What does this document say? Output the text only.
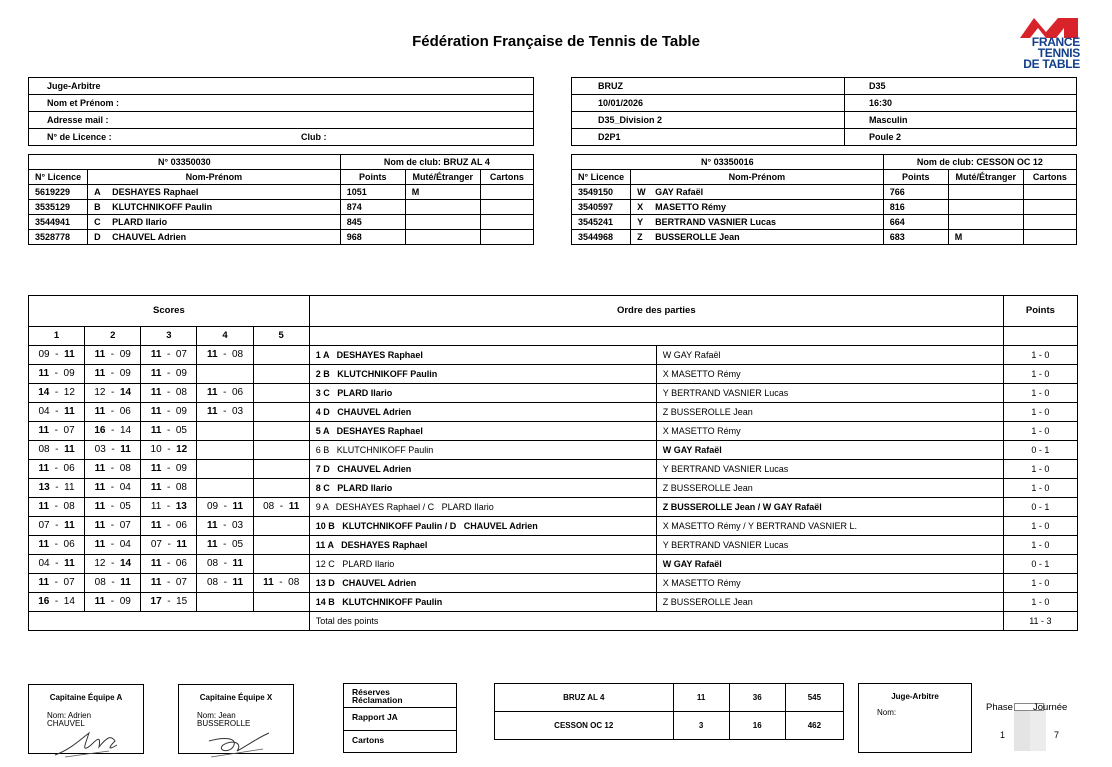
Fédération Française de Tennis de Table	FRANCE
TENNIS
DE TABLE
Juge-Arbitre
Nom et Prénom :
Adresse mail :
N° de Licence :	Club :
BRUZ	D35
10/01/2026	16:30
D35_Division 2	Masculin
D2P1	Poule 2
N° 03350030		Nom de club: BRUZ AL 4		
N° Licence	Nom-Prénom	Points	Muté/Étranger	Cartons
5619229	A DESHAYES Raphael	1051	M	
3535129	B KLUTCHNIKOFF Paulin	874		
3544941	C PLARD Ilario	845		
3528778	D CHAUVEL Adrien	968		
N° 03350016		Nom de club: CESSON OC 12		
N° Licence	Nom-Prénom	Points	Muté/Étranger	Cartons
3549150	W GAY Rafaël	766		
3540597	X MASETTO Rémy	816		
3545241	Y BERTRAND VASNIER Lucas	664		
3544968	Z BUSSEROLLE Jean	683	M	
Scores					Ordre des parties		Points
1	2	3	4	5			
09  -  11	11  -  09	11  -  07	11  -  08		1 A   DESHAYES Raphael	W GAY Rafaël	1 - 0
11  -  09	11  -  09	11  -  09			2 B   KLUTCHNIKOFF Paulin	X MASETTO Rémy	1 - 0
14  -  12	12  -  14	11  -  08	11  -  06		3 C   PLARD Ilario	Y BERTRAND VASNIER Lucas	1 - 0
04  -  11	11  -  06	11  -  09	11  -  03		4 D   CHAUVEL Adrien	Z BUSSEROLLE Jean	1 - 0
11  -  07	16  -  14	11  -  05			5 A   DESHAYES Raphael	X MASETTO Rémy	1 - 0
08  -  11	03  -  11	10  -  12			6 B   KLUTCHNIKOFF Paulin	W GAY Rafaël	0 - 1
11  -  06	11  -  08	11  -  09			7 D   CHAUVEL Adrien	Y BERTRAND VASNIER Lucas	1 - 0
13  -  11	11  -  04	11  -  08			8 C   PLARD Ilario	Z BUSSEROLLE Jean	1 - 0
11  -  08	11  -  05	11  -  13	09  -  11	08  -  11	9 A   DESHAYES Raphael / C   PLARD Ilario	Z BUSSEROLLE Jean / W GAY Rafaël	0 - 1
07  -  11	11  -  07	11  -  06	11  -  03		10 B   KLUTCHNIKOFF Paulin / D   CHAUVEL Adrien	X MASETTO Rémy / Y BERTRAND VASNIER L.	1 - 0
11  -  06	11  -  04	07  -  11	11  -  05		11 A   DESHAYES Raphael	Y BERTRAND VASNIER Lucas	1 - 0
04  -  11	12  -  14	11  -  06	08  -  11		12 C   PLARD Ilario	W GAY Rafaël	0 - 1
11  -  07	08  -  11	11  -  07	08  -  11	11  -  08	13 D   CHAUVEL Adrien	X MASETTO Rémy	1 - 0
16  -  14	11  -  09	17  -  15			14 B   KLUTCHNIKOFF Paulin	Z BUSSEROLLE Jean	1 - 0
					Total des points		11 - 3
Capitaine Équipe A
Nom: Adrien
CHAUVEL
Capitaine Équipe X
Nom: Jean
BUSSEROLLE
Réserves
Réclamation
Rapport JA
Cartons
BRUZ AL 4	11	36	545
CESSON OC 12	3	16	462
Juge-Arbitre
Nom:	Phase Journée
1	7
